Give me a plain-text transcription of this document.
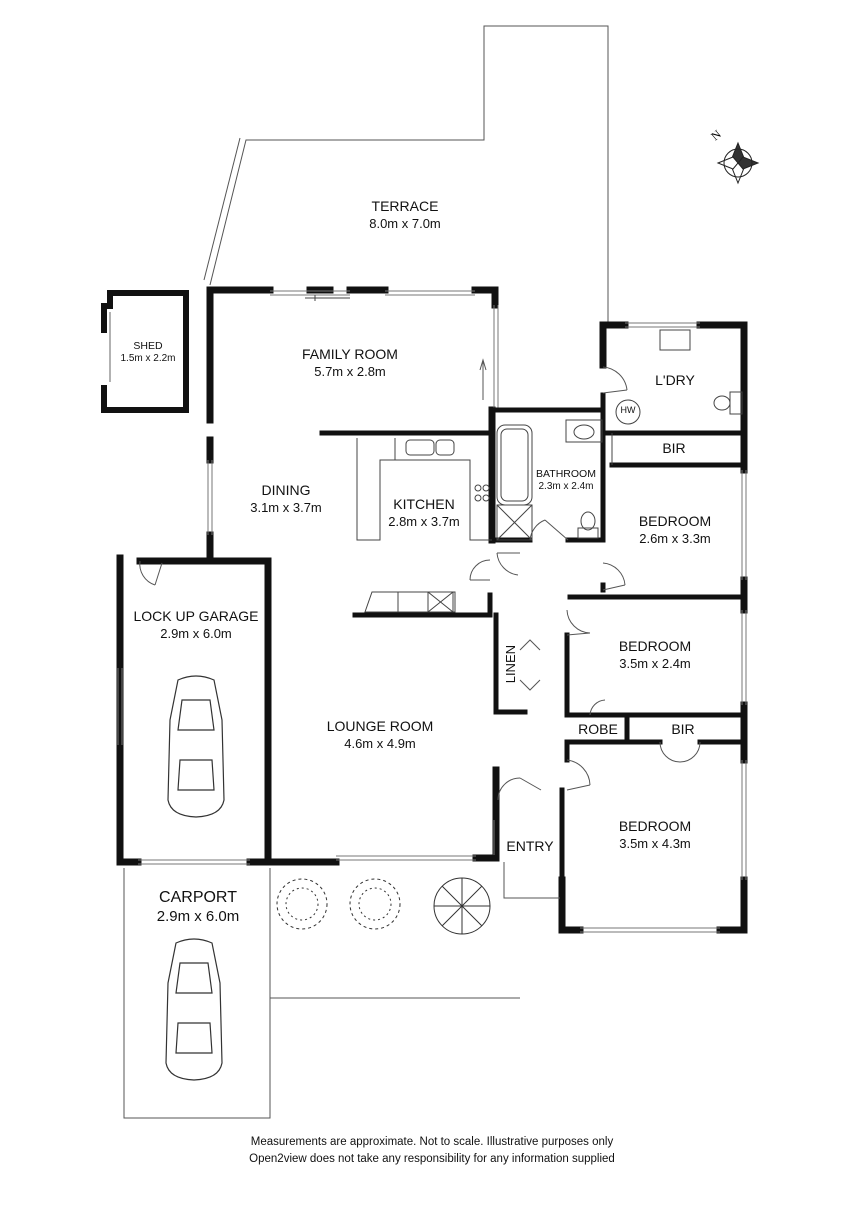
TERRACE
8.0m x 7.0m
SHED
1.5m x 2.2m	FAMILY ROOM
5.7m x 2.8m
L'DRY
HW
BIR
BATHROOM
2.3m x 2.4m
DINING
3.1m x 3.7m	KITCHEN
2.8m x 3.7m	BEDROOM
2.6m x 3.3m
LOCK UP GARAGE
2.9m x 6.0m
LINEN	BEDROOM
3.5m x 2.4m
ROBE	BIR
LOUNGE ROOM
4.6m x 4.9m
ENTRY
BEDROOM
3.5m x 4.3m
CARPORT
2.9m x 6.0m
N
Measurements are approximate. Not to scale. Illustrative purposes only
Open2view does not take any responsibility for any information supplied
